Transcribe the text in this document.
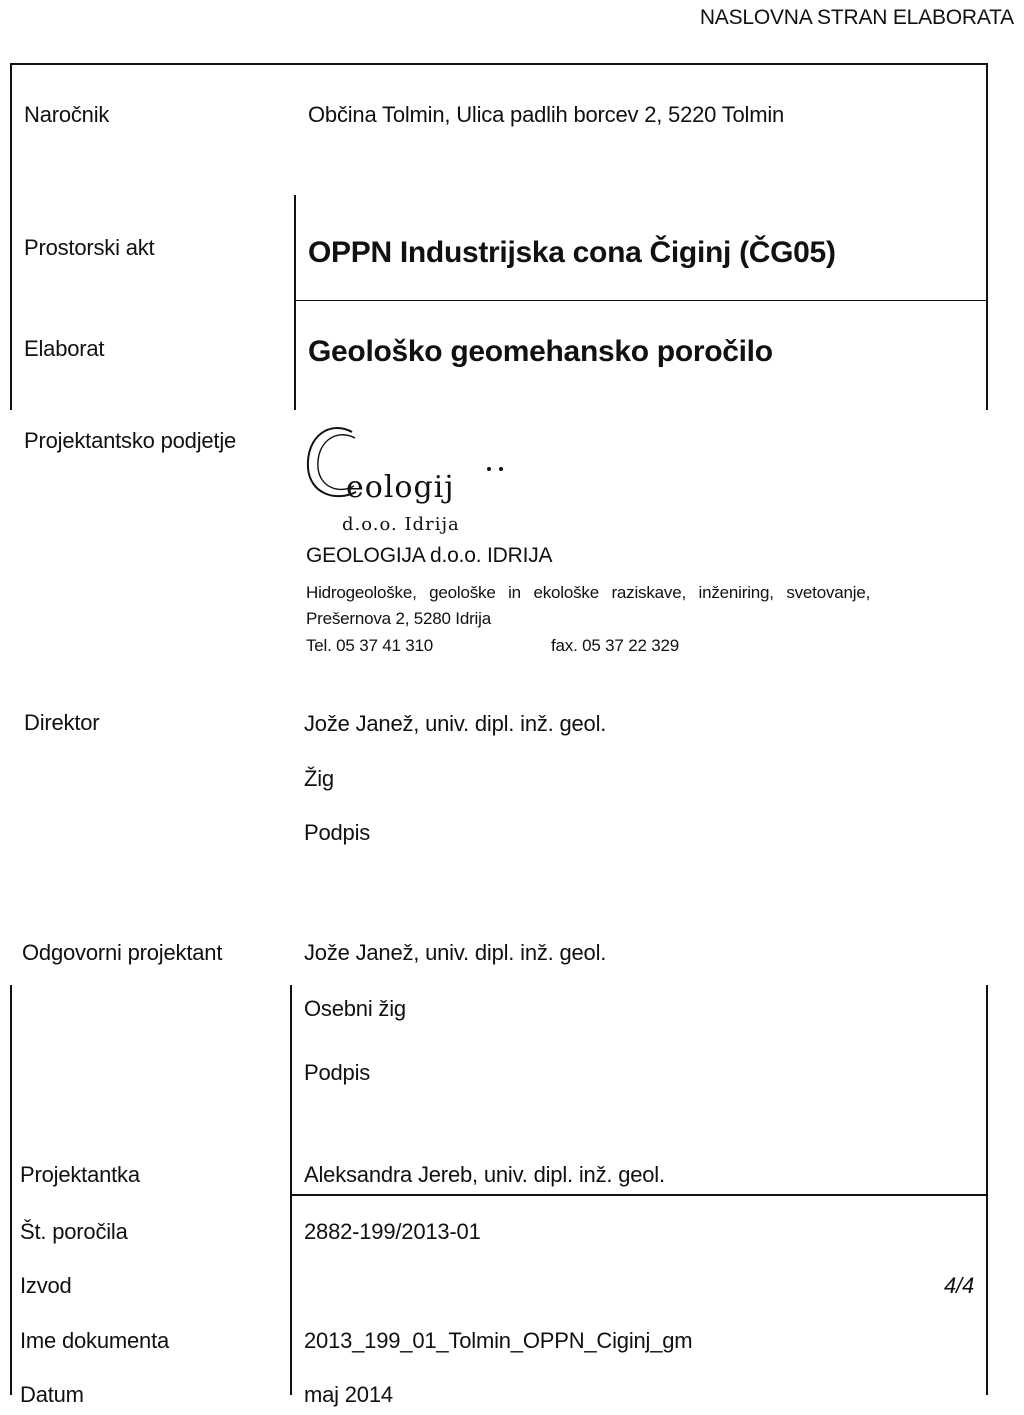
NASLOVNA STRAN ELABORATA
Naročnik	Občina Tolmin, Ulica padlih borcev 2, 5220 Tolmin
Prostorski akt	OPPN Industrijska cona Čiginj (ČG05)
Elaborat	Geološko geomehansko poročilo
Projektantsko podjetje
eologij
d.o.o. Idrija
GEOLOGIJA d.o.o. IDRIJA
Hidrogeološke, geološke in ekološke raziskave, inženiring, svetovanje,
Prešernova 2, 5280 Idrija
Tel. 05 37 41 310	fax. 05 37 22 329
Direktor	Jože Janež, univ. dipl. inž. geol.
Žig
Podpis
Odgovorni projektant	Jože Janež, univ. dipl. inž. geol.
Osebni žig
Podpis
Projektantka	Aleksandra Jereb, univ. dipl. inž. geol.
Št. poročila	2882-199/2013-01
Izvod	4/4
Ime dokumenta	2013_199_01_Tolmin_OPPN_Ciginj_gm
Datum	maj 2014
